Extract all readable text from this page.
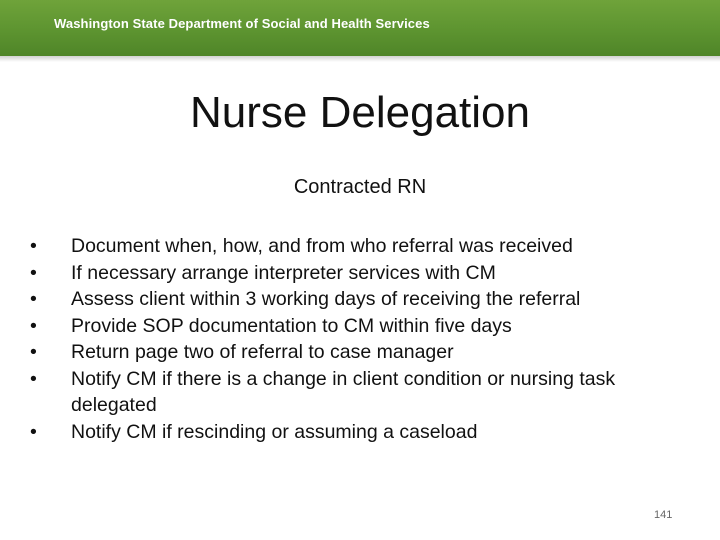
Washington State Department of Social and Health Services
Nurse Delegation
Contracted RN
•	Document when, how, and from who referral was received
•	If necessary arrange interpreter services with CM
•	Assess client within 3 working days of receiving the referral
•	Provide SOP documentation to CM within five days
•	Return page two of referral to case manager
•	Notify CM if there is a change in client condition or nursing task delegated
•	Notify CM if rescinding or assuming a caseload
141
